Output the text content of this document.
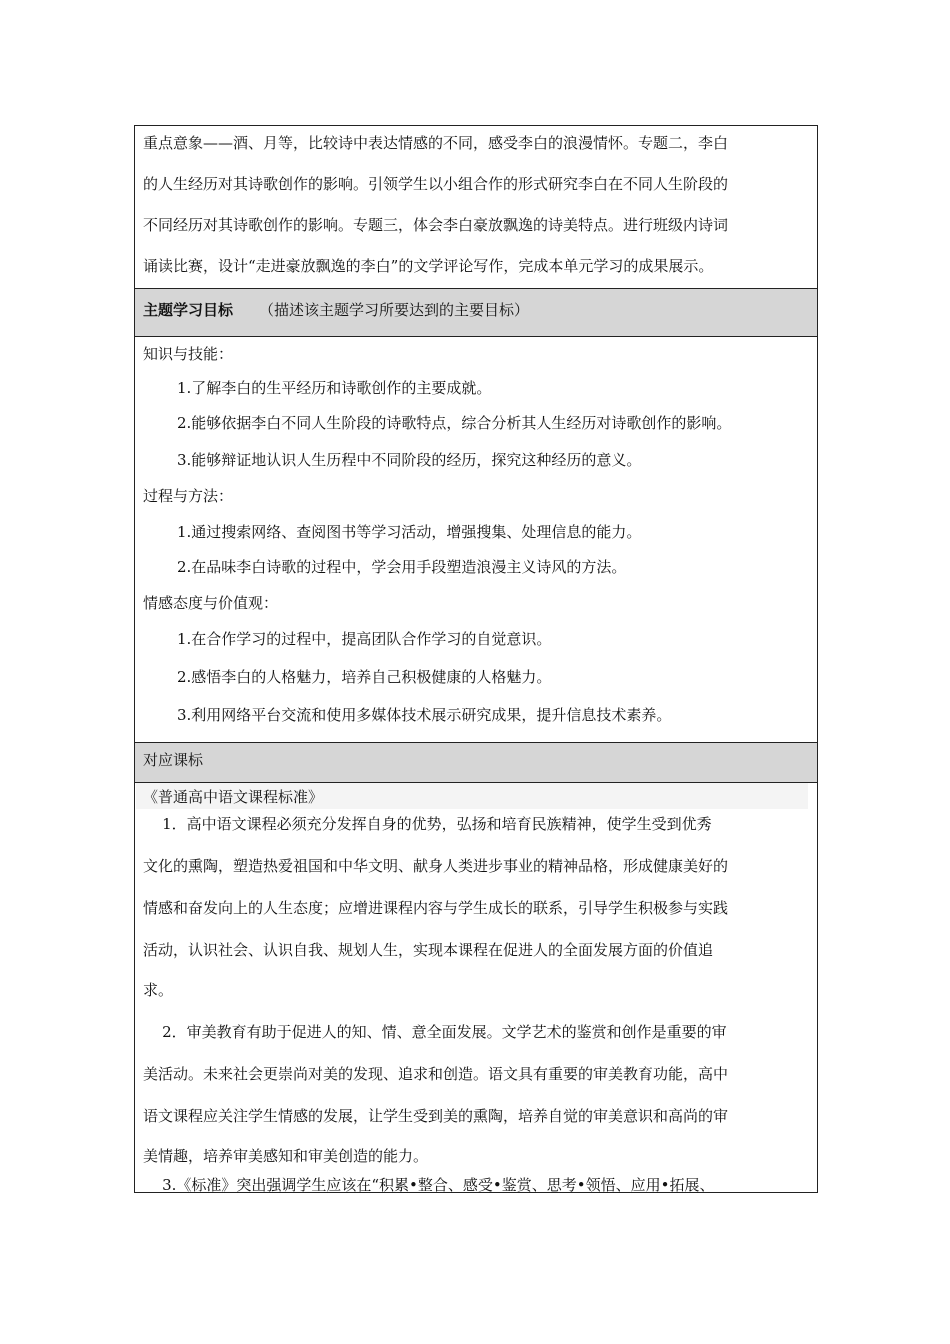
重点意象——酒、月等，比较诗中表达情感的不同，感受李白的浪漫情怀。专题二，李白
的人生经历对其诗歌创作的影响。引领学生以小组合作的形式研究李白在不同人生阶段的
不同经历对其诗歌创作的影响。专题三，体会李白豪放飘逸的诗美特点。进行班级内诗词
诵读比赛，设计“走进豪放飘逸的李白”的文学评论写作，完成本单元学习的成果展示。
主题学习目标 （描述该主题学习所要达到的主要目标）
知识与技能：
1.了解李白的生平经历和诗歌创作的主要成就。
2.能够依据李白不同人生阶段的诗歌特点，综合分析其人生经历对诗歌创作的影响。
3.能够辩证地认识人生历程中不同阶段的经历，探究这种经历的意义。
过程与方法：
1.通过搜索网络、查阅图书等学习活动，增强搜集、处理信息的能力。
2.在品味李白诗歌的过程中，学会用手段塑造浪漫主义诗风的方法。
情感态度与价值观：
1.在合作学习的过程中，提高团队合作学习的自觉意识。
2.感悟李白的人格魅力，培养自己积极健康的人格魅力。
3.利用网络平台交流和使用多媒体技术展示研究成果，提升信息技术素养。
对应课标
《普通高中语文课程标准》
1．高中语文课程必须充分发挥自身的优势，弘扬和培育民族精神，使学生受到优秀
文化的熏陶，塑造热爱祖国和中华文明、献身人类进步事业的精神品格，形成健康美好的
情感和奋发向上的人生态度；应增进课程内容与学生成长的联系，引导学生积极参与实践
活动，认识社会、认识自我、规划人生，实现本课程在促进人的全面发展方面的价值追
求。
2．审美教育有助于促进人的知、情、意全面发展。文学艺术的鉴赏和创作是重要的审
美活动。未来社会更崇尚对美的发现、追求和创造。语文具有重要的审美教育功能，高中
语文课程应关注学生情感的发展，让学生受到美的熏陶，培养自觉的审美意识和高尚的审
美情趣，培养审美感知和审美创造的能力。
3.《标准》突出强调学生应该在“积累•整合、感受•鉴赏、思考•领悟、应用•拓展、
